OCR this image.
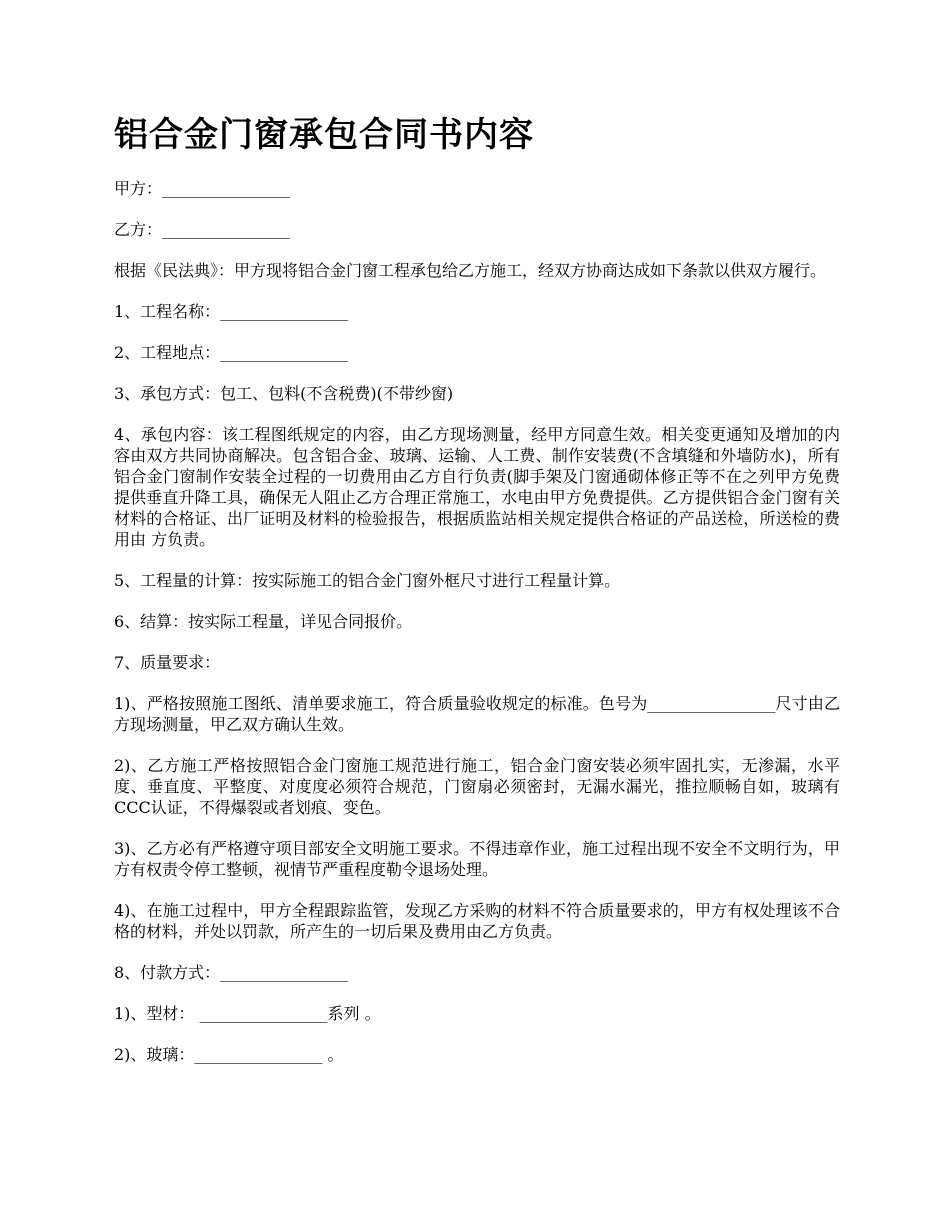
铝合金门窗承包合同书内容

甲方：________________

乙方：________________

根据《民法典》：甲方现将铝合金门窗工程承包给乙方施工，经双方协商达成如下条款以供双方履行。

1、工程名称：________________

2、工程地点：________________

3、承包方式：包工、包料(不含税费)(不带纱窗)

4、承包内容：该工程图纸规定的内容，由乙方现场测量，经甲方同意生效。相关变更通知及增加的内容由双方共同协商解决。包含铝合金、玻璃、运输、人工费、制作安装费(不含填缝和外墙防水)，所有铝合金门窗制作安装全过程的一切费用由乙方自行负责(脚手架及门窗通砌体修正等不在之列甲方免费提供垂直升降工具，确保无人阻止乙方合理正常施工，水电由甲方免费提供。乙方提供铝合金门窗有关材料的合格证、出厂证明及材料的检验报告，根据质监站相关规定提供合格证的产品送检，所送检的费用由 方负责。

5、工程量的计算：按实际施工的铝合金门窗外框尺寸进行工程量计算。

6、结算：按实际工程量，详见合同报价。

7、质量要求：

1)、严格按照施工图纸、清单要求施工，符合质量验收规定的标准。色号为________________尺寸由乙方现场测量，甲乙双方确认生效。

2)、乙方施工严格按照铝合金门窗施工规范进行施工，铝合金门窗安装必须牢固扎实，无渗漏，水平度、垂直度、平整度、对度度必须符合规范，门窗扇必须密封，无漏水漏光，推拉顺畅自如，玻璃有CCC认证，不得爆裂或者划痕、变色。

3)、乙方必有严格遵守项目部安全文明施工要求。不得违章作业，施工过程出现不安全不文明行为，甲方有权责令停工整顿，视情节严重程度勒令退场处理。

4)、在施工过程中，甲方全程跟踪监管，发现乙方采购的材料不符合质量要求的，甲方有权处理该不合格的材料，并处以罚款，所产生的一切后果及费用由乙方负责。

8、付款方式：________________

1)、型材： ________________系列 。

2)、玻璃：________________ 。
